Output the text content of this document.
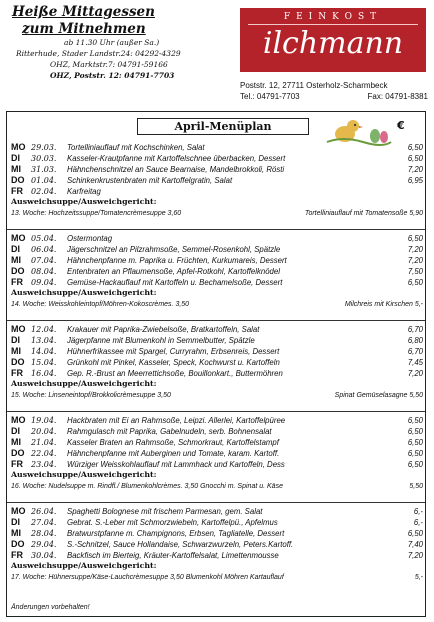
Heiße Mittagessen
zum Mitnehmen
ab 11.30 Uhr (außer Sa.)
Ritterhude, Stader Landstr.24: 04292-4329
OHZ, Marktstr.7: 04791-59166
OHZ, Poststr. 12: 04791-7703
FEINKOST
ilchmann
Poststr. 12, 27711 Osterholz-Scharmbeck
Tel.: 04791-7703	Fax: 04791-8381
April-Menüplan	€
MO 29.03.	Tortelliniauflauf mit Kochschinken, Salat	6,50
DI	30.03.	Kasseler-Krautpfanne mit Kartoffelschnee überbacken, Dessert	6,50
MI	31.03.	Hähnchenschnitzel an Sauce Bearnaise, Mandelbrokkoli, Rösti	7,20
DO 01.04.	Schinkenkrustenbraten mit Kartoffelgratin, Salat	6,95
FR	02.04.	Karfreitag
Ausweichsuppe/Ausweichgericht:
13. Woche: Hochzeitssuppe/Tomatencrèmesuppe 3,60	Tortelliniauflauf mit Tomatensoße 5,90
MO 05.04.	Ostermontag	6,50
DI	06.04.	Jägerschnitzel an Pilzrahmsoße, Semmel-Rosenkohl, Spätzle	7,20
MI	07.04.	Hähnchenpfanne m. Paprika u. Früchten, Kurkumareis, Dessert	7,20
DO 08.04.	Entenbraten an Pflaumensoße, Apfel-Rotkohl, Kartoffelknödel	7,50
FR	09.04.	Gemüse-Hackauflauf mit Kartoffeln u. Bechamelsoße, Dessert	6,50
Ausweichsuppe/Ausweichgericht:
14. Woche: Weisskohleintopf/Möhren-Kokoscrèmes. 3,50	Milchreis mit Kirschen 5,-
MO 12.04.	Krakauer mit Paprika-Zwiebelsoße, Bratkartoffeln, Salat	6,70
DI	13.04.	Jägerpfanne mit Blumenkohl in Semmelbutter, Spätzle	6,80
MI	14.04.	Hühnerfrikassee mit Spargel, Curryrahm, Erbsenreis, Dessert	6,70
DO 15.04.	Grünkohl mit Pinkel, Kasseler, Speck, Kochwurst u. Kartoffeln	7,45
FR	16.04.	Gep. R.-Brust an Meerrettichsoße, Bouillonkart., Buttermöhren	7,20
Ausweichsuppe/Ausweichgericht:
15. Woche: Linseneintopf/Brokkolicrèmesuppe 3,50	Spinat Gemüselasagne 5,50
MO 19.04.	Hackbraten mit Ei an Rahmsoße, Leipzi. Allerlei, Kartoffelpüree	6,50
DI	20.04.	Rahmgulasch mit Paprika, Gabelnudeln, serb. Bohnensalat	6,50
MI	21.04.	Kasseler Braten an Rahmsoße, Schmorkraut, Kartoffelstampf	6,50
DO 22.04.	Hähnchenpfanne mit Auberginen und Tomate, karam. Kartoff.	6,50
FR	23.04.	Würziger Weisskohlauflauf mit Lammhack und Kartoffeln, Dess	6,50
Ausweichsuppe/Ausweichgericht:
16. Woche: Nudelsuppe m. Rindfl./ Blumenkohlcrèmes. 3,50 Gnocchi m. Spinat u. Käse	5,50
MO 26.04.	Spaghetti Bolognese mit frischem Parmesan, gem. Salat	6,-
DI	27.04.	Gebrat. S.-Leber mit Schmorzwiebeln, Kartoffelpü., Apfelmus	6,-
MI	28.04.	Bratwurstpfanne m. Champignons, Erbsen, Tagliatelle, Dessert	6,50
DO 29.04.	S.-Schnitzel, Sauce Hollandaise, Schwarzwurzeln, Peters.Kartoff.	7,40
FR	30.04.	Backfisch im Bierteig, Kräuter-Kartoffelsalat, Limettenmousse	7,20
Ausweichsuppe/Ausweichgericht:
17. Woche: Hühnersuppe/Käse-Lauchcrèmesuppe 3,50 Blumenkohl Möhren Kartauflauf	5,-
Änderungen vorbehalten!
